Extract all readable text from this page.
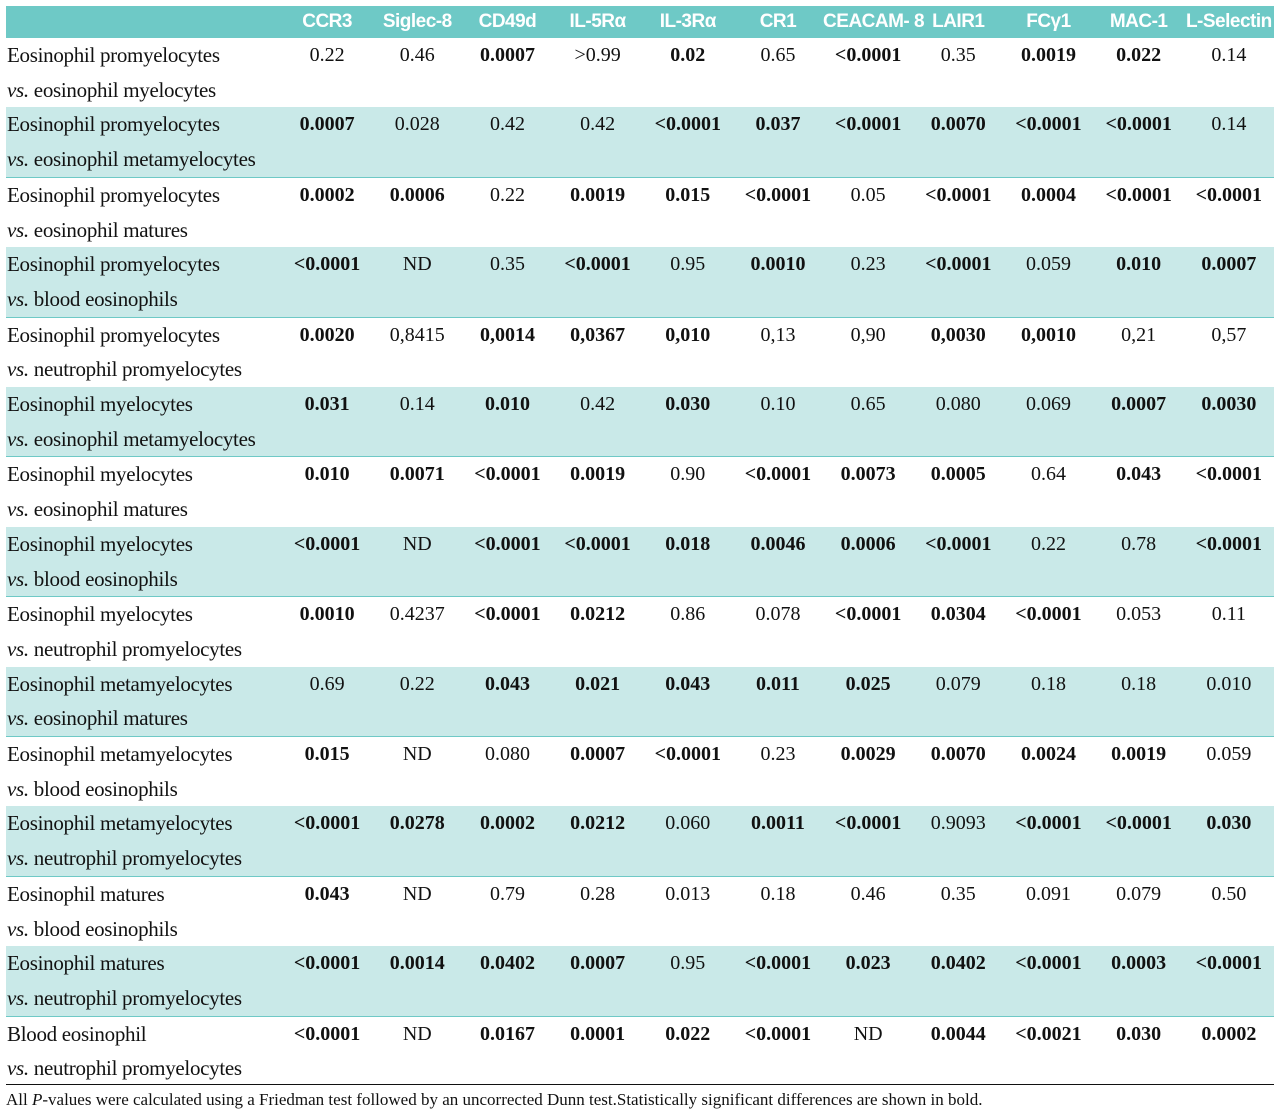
	CCR3	Siglec-8	CD49d	IL-5Rα	IL-3Rα	CR1	CEACAM- 8	LAIR1	FCγ1	MAC-1	L-Selectin
Eosinophil promyelocytes
vs. eosinophil myelocytes	0.22	0.46	0.0007	>0.99	0.02	0.65	<0.0001	0.35	0.0019	0.022	0.14
Eosinophil promyelocytes
vs. eosinophil metamyelocytes	0.0007	0.028	0.42	0.42	<0.0001	0.037	<0.0001	0.0070	<0.0001	<0.0001	0.14
Eosinophil promyelocytes
vs. eosinophil matures	0.0002	0.0006	0.22	0.0019	0.015	<0.0001	0.05	<0.0001	0.0004	<0.0001	<0.0001
Eosinophil promyelocytes
vs. blood eosinophils	<0.0001	ND	0.35	<0.0001	0.95	0.0010	0.23	<0.0001	0.059	0.010	0.0007
Eosinophil promyelocytes
vs. neutrophil promyelocytes	0.0020	0,8415	0,0014	0,0367	0,010	0,13	0,90	0,0030	0,0010	0,21	0,57
Eosinophil myelocytes
vs. eosinophil metamyelocytes	0.031	0.14	0.010	0.42	0.030	0.10	0.65	0.080	0.069	0.0007	0.0030
Eosinophil myelocytes
vs. eosinophil matures	0.010	0.0071	<0.0001	0.0019	0.90	<0.0001	0.0073	0.0005	0.64	0.043	<0.0001
Eosinophil myelocytes
vs. blood eosinophils	<0.0001	ND	<0.0001	<0.0001	0.018	0.0046	0.0006	<0.0001	0.22	0.78	<0.0001
Eosinophil myelocytes
vs. neutrophil promyelocytes	0.0010	0.4237	<0.0001	0.0212	0.86	0.078	<0.0001	0.0304	<0.0001	0.053	0.11
Eosinophil metamyelocytes
vs. eosinophil matures	0.69	0.22	0.043	0.021	0.043	0.011	0.025	0.079	0.18	0.18	0.010
Eosinophil metamyelocytes
vs. blood eosinophils	0.015	ND	0.080	0.0007	<0.0001	0.23	0.0029	0.0070	0.0024	0.0019	0.059
Eosinophil metamyelocytes
vs. neutrophil promyelocytes	<0.0001	0.0278	0.0002	0.0212	0.060	0.0011	<0.0001	0.9093	<0.0001	<0.0001	0.030
Eosinophil matures
vs. blood eosinophils	0.043	ND	0.79	0.28	0.013	0.18	0.46	0.35	0.091	0.079	0.50
Eosinophil matures
vs. neutrophil promyelocytes	<0.0001	0.0014	0.0402	0.0007	0.95	<0.0001	0.023	0.0402	<0.0001	0.0003	<0.0001
Blood eosinophil
vs. neutrophil promyelocytes	<0.0001	ND	0.0167	0.0001	0.022	<0.0001	ND	0.0044	<0.0021	0.030	0.0002
All P-values were calculated using a Friedman test followed by an uncorrected Dunn test.Statistically significant differences are shown in bold.
